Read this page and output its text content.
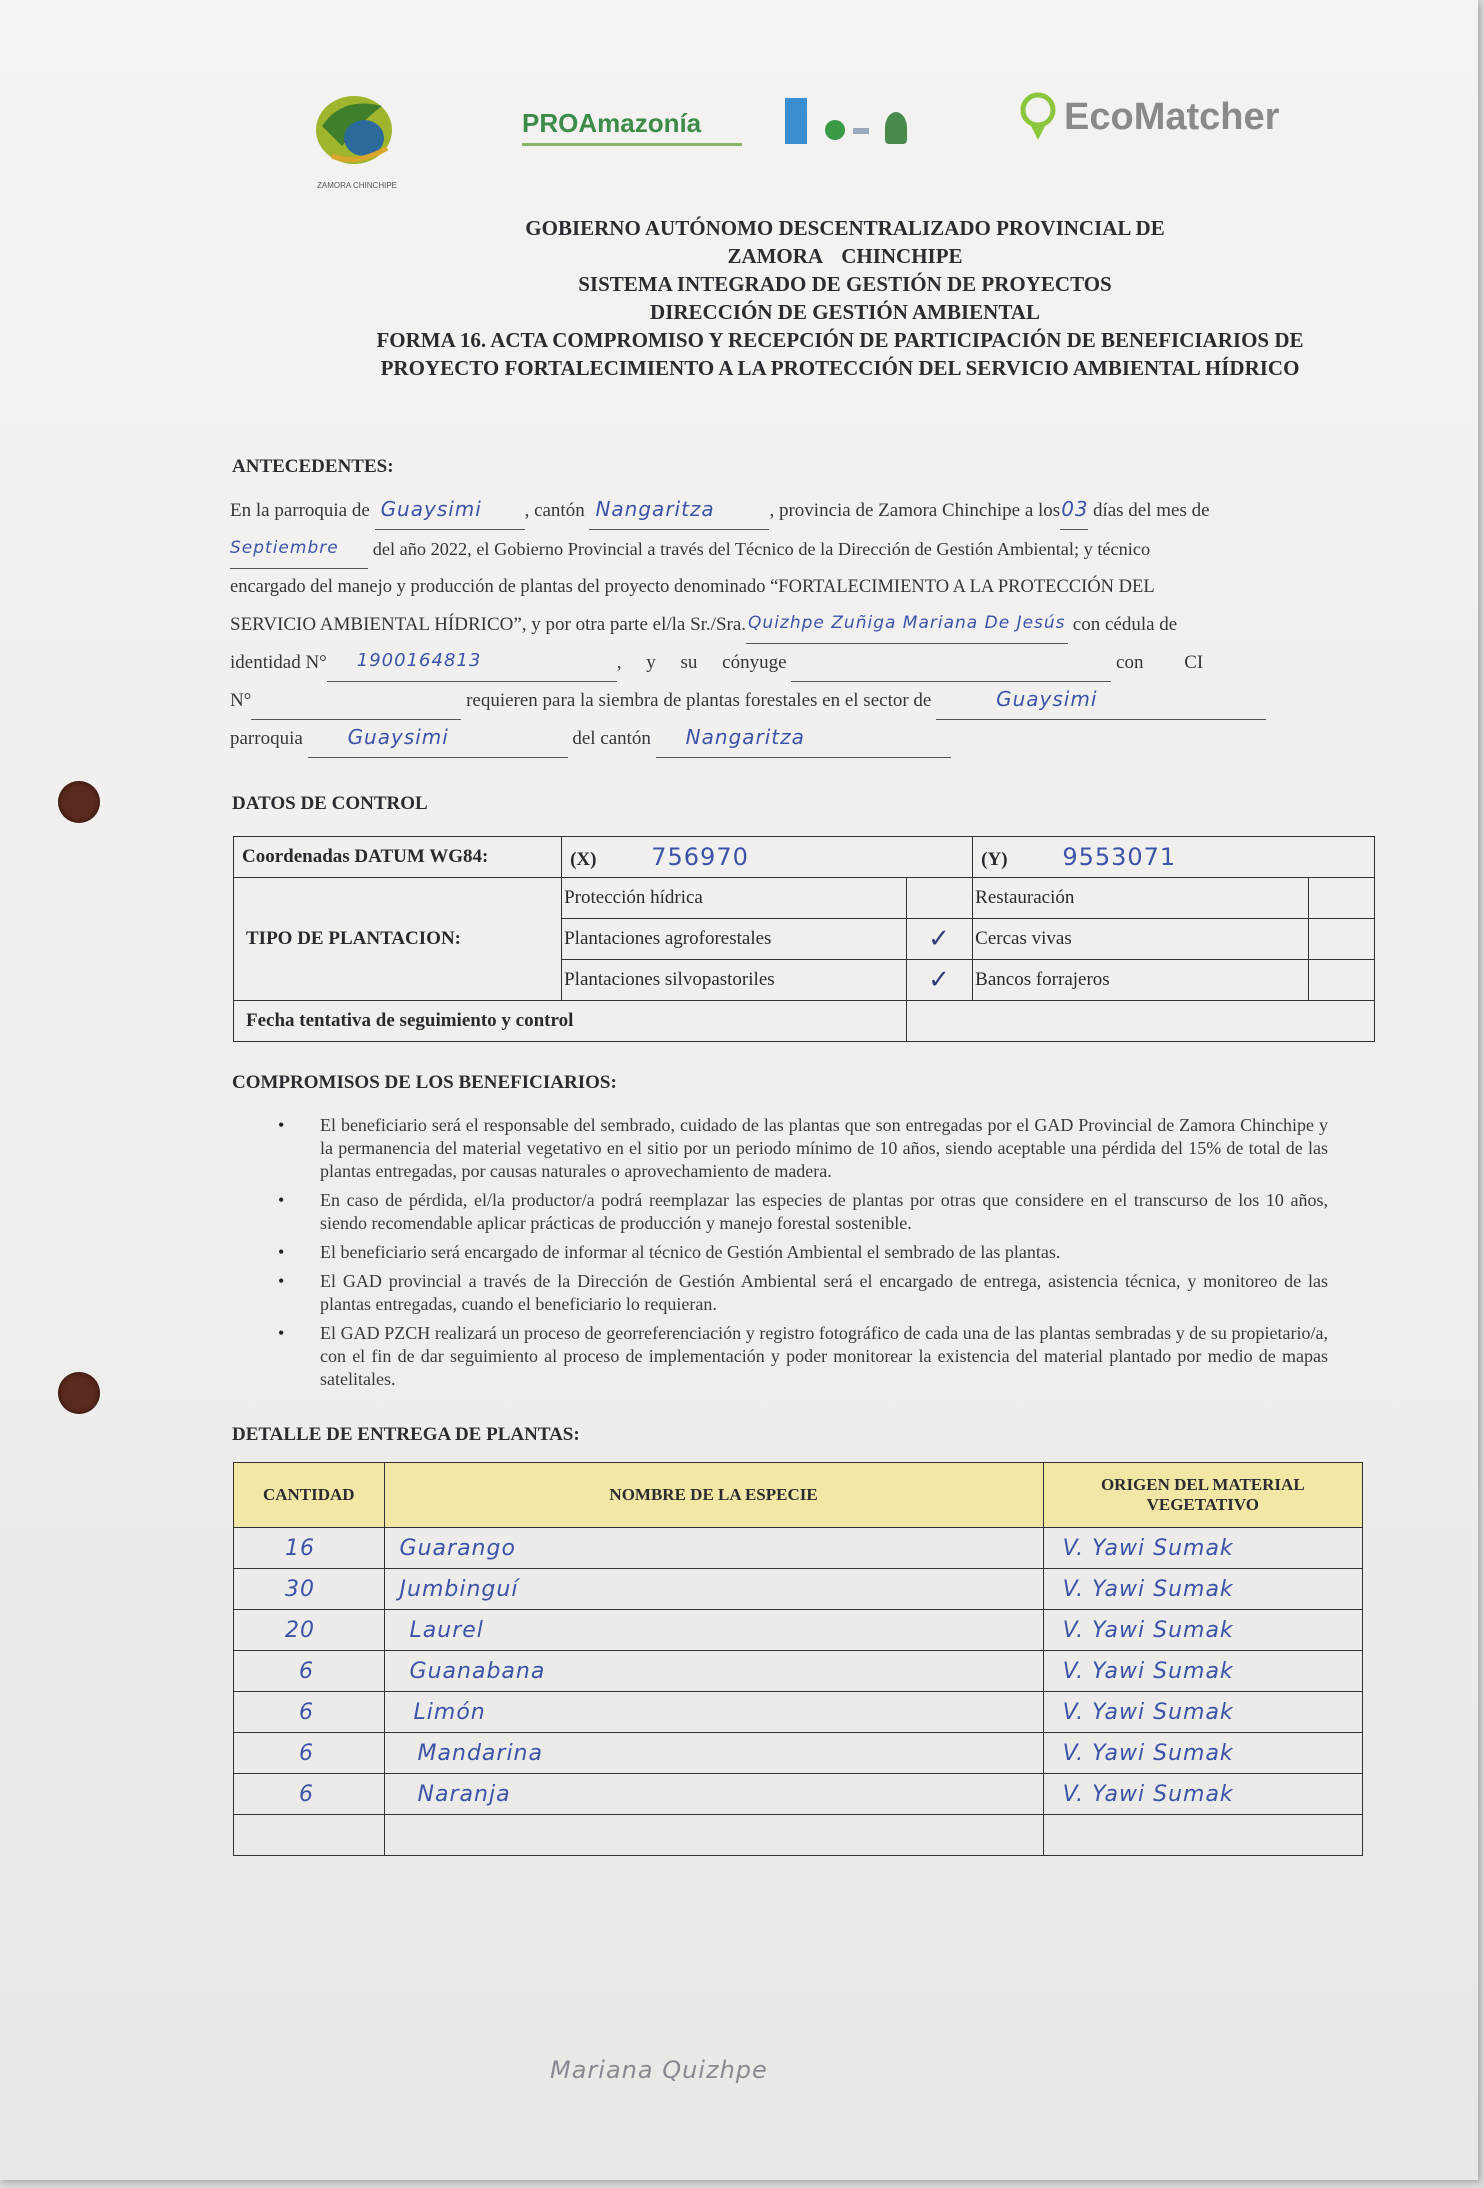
ZAMORA CHINCHIPE
PROAmazonía	EcoMatcher
GOBIERNO AUTÓNOMO DESCENTRALIZADO PROVINCIAL DE
ZAMORA CHINCHIPE
SISTEMA INTEGRADO DE GESTIÓN DE PROYECTOS
DIRECCIÓN DE GESTIÓN AMBIENTAL
FORMA 16. ACTA COMPROMISO Y RECEPCIÓN DE PARTICIPACIÓN DE BENEFICIARIOS DE
PROYECTO FORTALECIMIENTO A LA PROTECCIÓN DEL SERVICIO AMBIENTAL HÍDRICO
ANTECEDENTES:
En la parroquia de Guaysimi , cantón Nangaritza	, provincia de Zamora Chinchipe a los 03 días del mes de
Septiembre del año 2022, el Gobierno Provincial a través del Técnico de la Dirección de Gestión Ambiental; y técnico
encargado del manejo y producción de plantas del proyecto denominado “FORTALECIMIENTO A LA PROTECCIÓN DEL
SERVICIO AMBIENTAL HÍDRICO”, y por otra parte el/la Sr./Sra. Quizhpe Zuñiga Mariana De Jesús con cédula de
identidad N° 1900164813	, y su cónyuge	con CI
N°	requieren para la siembra de plantas forestales en el sector de	Guaysimi
parroquia Guaysimi	del cantón Nangaritza
DATOS DE CONTROL
Coordenadas DATUM WG84:	(X) 756970		(Y) 9553071	
TIPO DE PLANTACION:	Protección hídrica		Restauración	
	Plantaciones agroforestales	✓	Cercas vivas	
	Plantaciones silvopastoriles	✓	Bancos forrajeros	
Fecha tentativa de seguimiento y control				
COMPROMISOS DE LOS BENEFICIARIOS:
• El beneficiario será el responsable del sembrado, cuidado de las plantas que son entregadas por el GAD Provincial de Zamora Chinchipe y la permanencia del material vegetativo en el sitio por un periodo mínimo de 10 años, siendo aceptable una pérdida del 15% de total de las plantas entregadas, por causas naturales o aprovechamiento de madera.
• En caso de pérdida, el/la productor/a podrá reemplazar las especies de plantas por otras que considere en el transcurso de los 10 años, siendo recomendable aplicar prácticas de producción y manejo forestal sostenible.
• El beneficiario será encargado de informar al técnico de Gestión Ambiental el sembrado de las plantas.
• El GAD provincial a través de la Dirección de Gestión Ambiental será el encargado de entrega, asistencia técnica, y monitoreo de las plantas entregadas, cuando el beneficiario lo requieran.
• El GAD PZCH realizará un proceso de georreferenciación y registro fotográfico de cada una de las plantas sembradas y de su propietario/a, con el fin de dar seguimiento al proceso de implementación y poder monitorear la existencia del material plantado por medio de mapas satelitales.
DETALLE DE ENTREGA DE PLANTAS:
CANTIDAD	NOMBRE DE LA ESPECIE	ORIGEN DEL MATERIAL VEGETATIVO
16	Guarango	V. Yawi Sumak
30	Jumbinguí	V. Yawi Sumak
20	Laurel	V. Yawi Sumak
6	Guanabana	V. Yawi Sumak
6	Limón	V. Yawi Sumak
6	Mandarina	V. Yawi Sumak
6	Naranja	V. Yawi Sumak

Mariana Quizhpe
